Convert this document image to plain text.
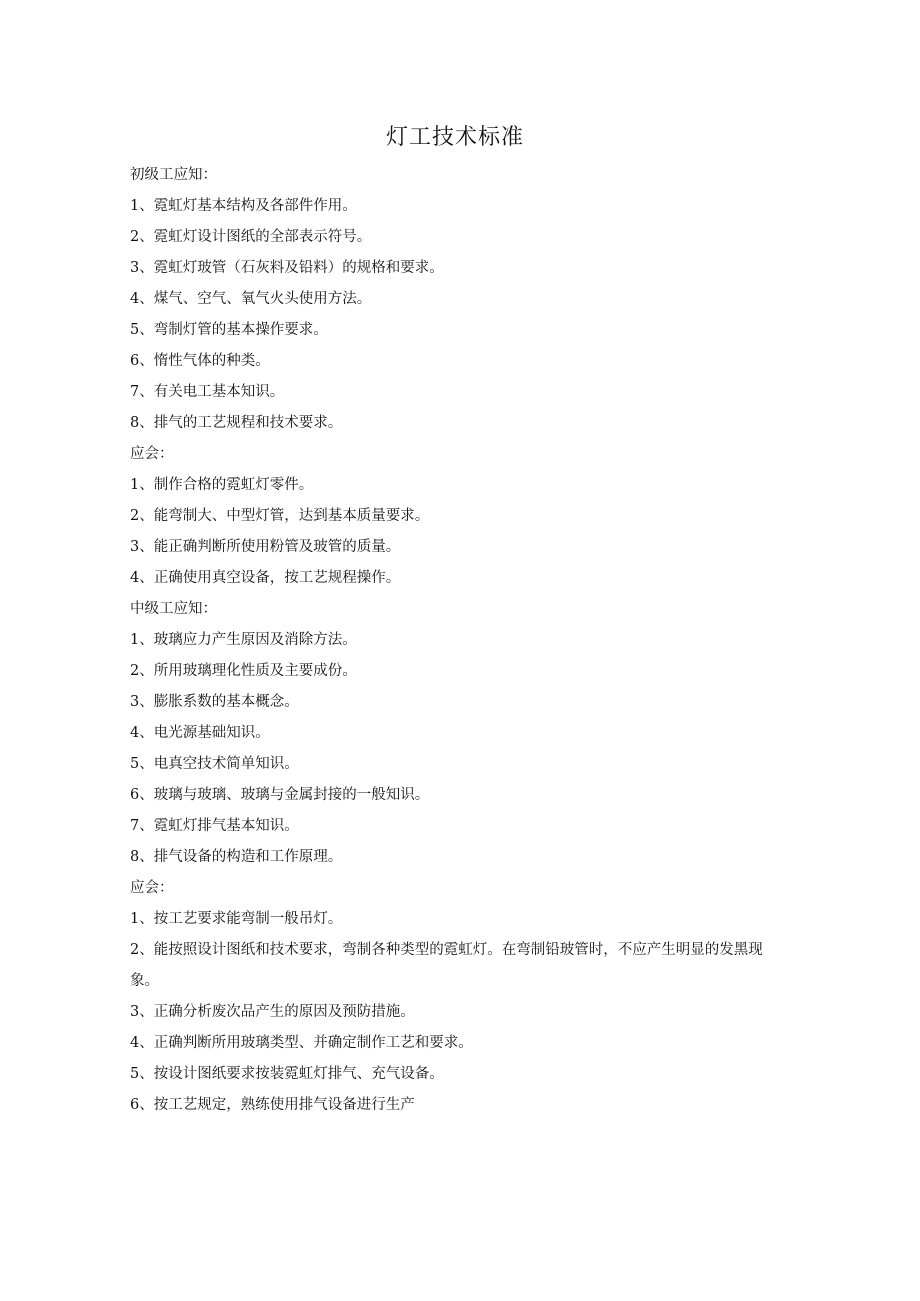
灯工技术标准

初级工应知：

1、霓虹灯基本结构及各部件作用。

2、霓虹灯设计图纸的全部表示符号。

3、霓虹灯玻管（石灰料及铅料）的规格和要求。

4、煤气、空气、氧气火头使用方法。

5、弯制灯管的基本操作要求。

6、惰性气体的种类。

7、有关电工基本知识。

8、排气的工艺规程和技术要求。

应会：

1、制作合格的霓虹灯零件。

2、能弯制大、中型灯管，达到基本质量要求。

3、能正确判断所使用粉管及玻管的质量。

4、正确使用真空设备，按工艺规程操作。

中级工应知：

1、玻璃应力产生原因及消除方法。

2、所用玻璃理化性质及主要成份。

3、膨胀系数的基本概念。

4、电光源基础知识。

5、电真空技术简单知识。

6、玻璃与玻璃、玻璃与金属封接的一般知识。

7、霓虹灯排气基本知识。

8、排气设备的构造和工作原理。

应会：

1、按工艺要求能弯制一般吊灯。

2、能按照设计图纸和技术要求，弯制各种类型的霓虹灯。在弯制铅玻管时，不应产生明显的发黑现象。

3、正确分析废次品产生的原因及预防措施。

4、正确判断所用玻璃类型、并确定制作工艺和要求。

5、按设计图纸要求按装霓虹灯排气、充气设备。

6、按工艺规定，熟练使用排气设备进行生产
